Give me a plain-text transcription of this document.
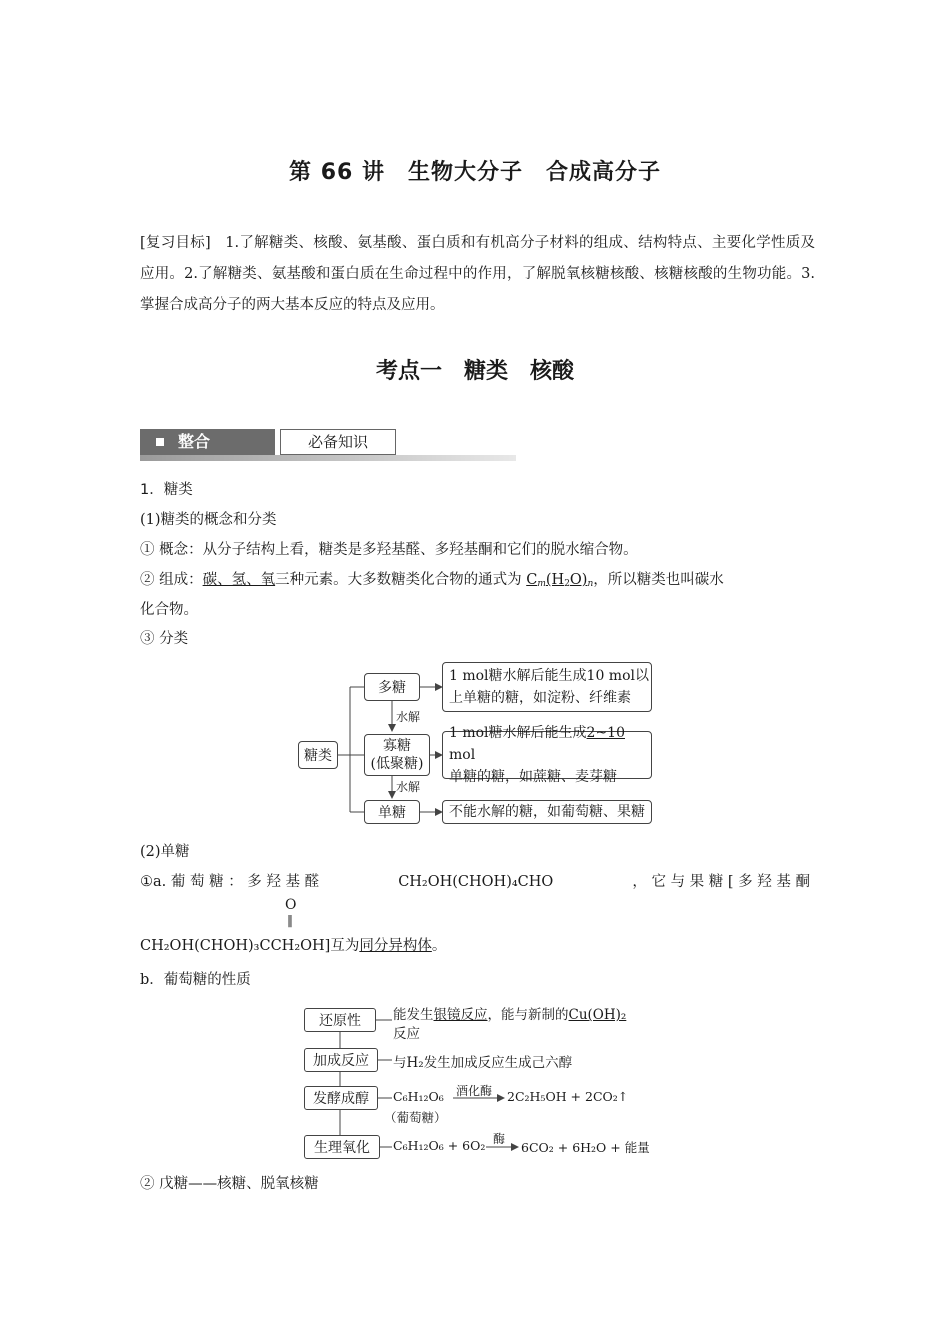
第 66 讲　生物大分子　合成高分子
[复习目标] 1.了解糖类、核酸、氨基酸、蛋白质和有机高分子材料的组成、结构特点、主要化学性质及应用。2.了解糖类、氨基酸和蛋白质在生命过程中的作用，了解脱氧核糖核酸、核糖核酸的生物功能。3.掌握合成高分子的两大基本反应的特点及应用。
考点一　糖类　核酸
整合	必备知识
1．糖类
(1)糖类的概念和分类
① 概念：从分子结构上看，糖类是多羟基醛、多羟基酮和它们的脱水缩合物。
② 组成：碳、氢、氧三种元素。大多数糖类化合物的通式为 $C_m(H_2O)_n$，所以糖类也叫碳水
化合物。
③ 分类
糖类
多糖
水解
寡糖
(低聚糖)
水解
单糖
1 mol糖水解后能生成10 mol以
上单糖的糖，如淀粉、纤维素
1 mol糖水解后能生成2~10 mol
单糖的糖，如蔗糖、麦芽糖
不能水解的糖，如葡萄糖、果糖
(2)单糖
①a. 葡 萄 糖 ： 多 羟 基 醛	CH₂OH(CHOH)₄CHO	， 它 与 果 糖 [ 多 羟 基 酮
O
‖
CH₂OH(CHOH)₃CCH₂OH]互为同分异构体。
b．葡萄糖的性质
还原性	能发生银镜反应，能与新制的Cu(OH)₂
反应
加成反应	与H₂发生加成反应生成己六醇
发酵成醇	C₆H₁₂O₆
（葡萄糖）
酒化酶 2C₂H₅OH + 2CO₂↑
生理氧化	C₆H₁₂O₆ + 6O₂ 酶
6CO₂ + 6H₂O + 能量
② 戊糖——核糖、脱氧核糖
